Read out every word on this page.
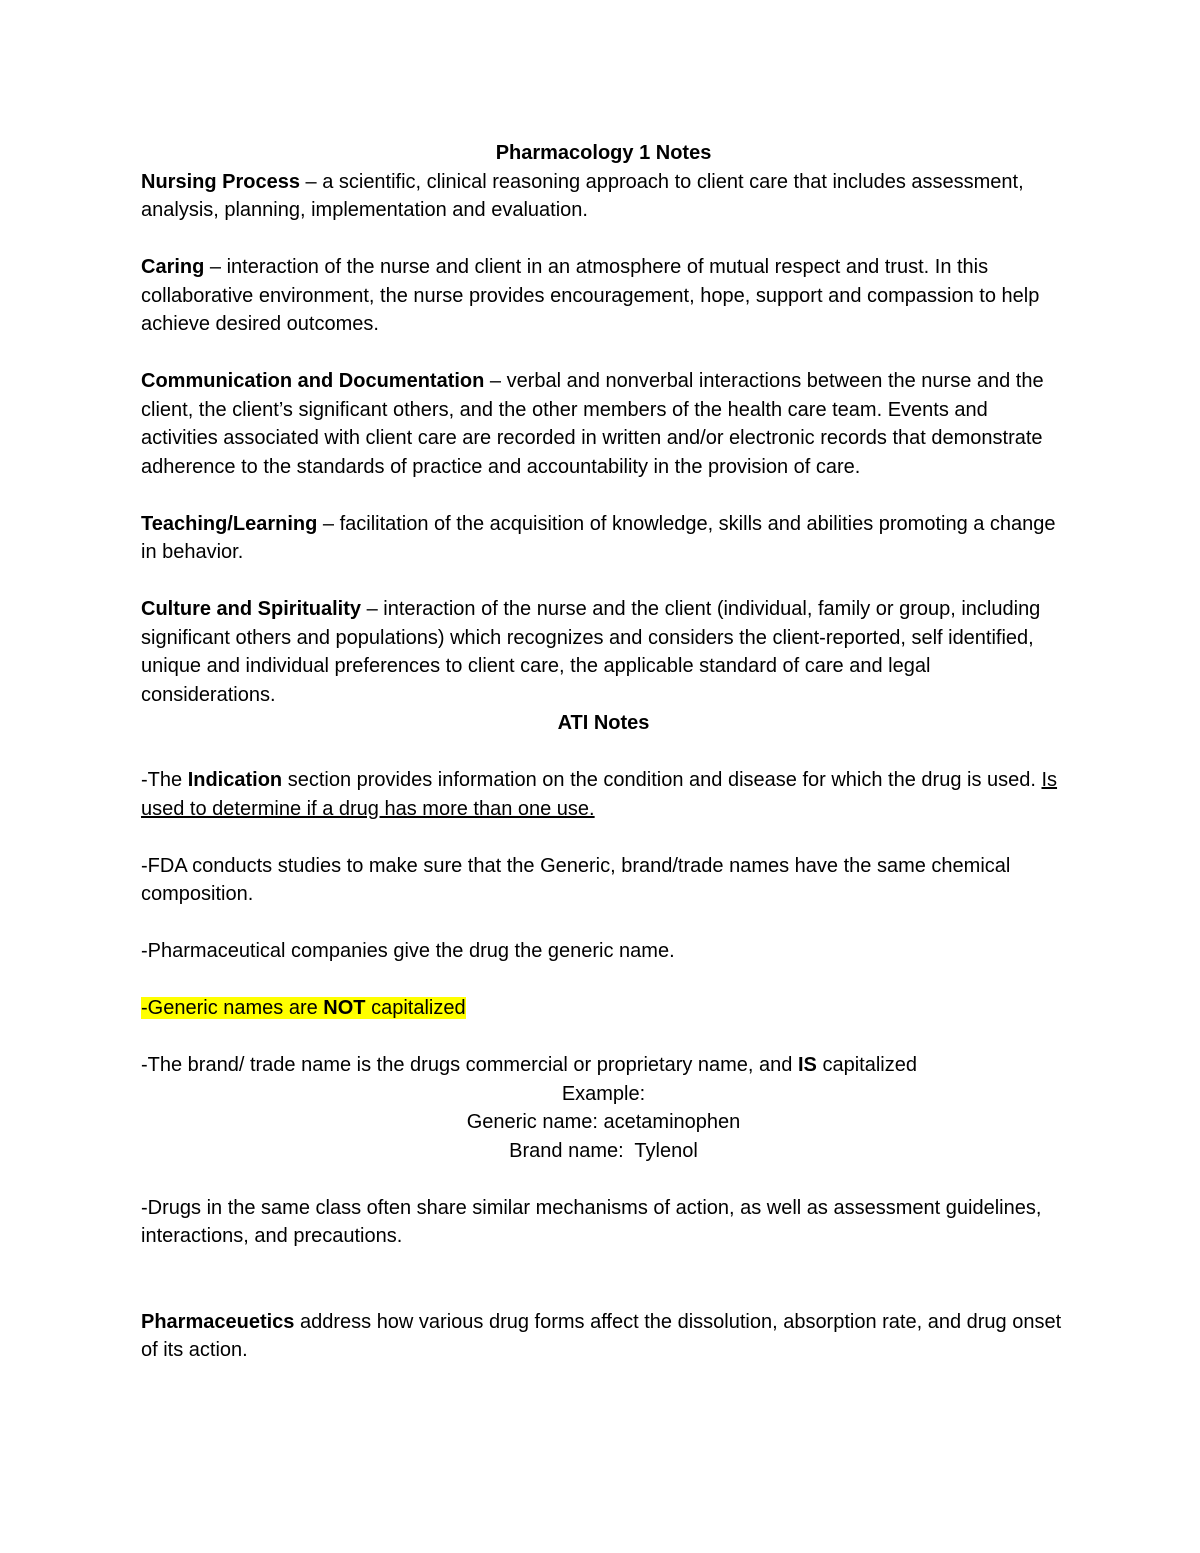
Pharmacology 1 Notes

Nursing Process – a scientific, clinical reasoning approach to client care that includes assessment, analysis, planning, implementation and evaluation.

Caring – interaction of the nurse and client in an atmosphere of mutual respect and trust. In this collaborative environment, the nurse provides encouragement, hope, support and compassion to help achieve desired outcomes.

Communication and Documentation – verbal and nonverbal interactions between the nurse and the client, the client’s significant others, and the other members of the health care team. Events and activities associated with client care are recorded in written and/or electronic records that demonstrate adherence to the standards of practice and accountability in the provision of care.

Teaching/Learning – facilitation of the acquisition of knowledge, skills and abilities promoting a change in behavior.

Culture and Spirituality – interaction of the nurse and the client (individual, family or group, including significant others and populations) which recognizes and considers the client-reported, self identified, unique and individual preferences to client care, the applicable standard of care and legal considerations.

ATI Notes

-The Indication section provides information on the condition and disease for which the drug is used. Is used to determine if a drug has more than one use.

-FDA conducts studies to make sure that the Generic, brand/trade names have the same chemical composition.

-Pharmaceutical companies give the drug the generic name.

-Generic names are NOT capitalized

-The brand/ trade name is the drugs commercial or proprietary name, and IS capitalized

Example:

Generic name: acetaminophen

Brand name:  Tylenol

-Drugs in the same class often share similar mechanisms of action, as well as assessment guidelines, interactions, and precautions.

Pharmaceuetics address how various drug forms affect the dissolution, absorption rate, and drug onset of its action.
